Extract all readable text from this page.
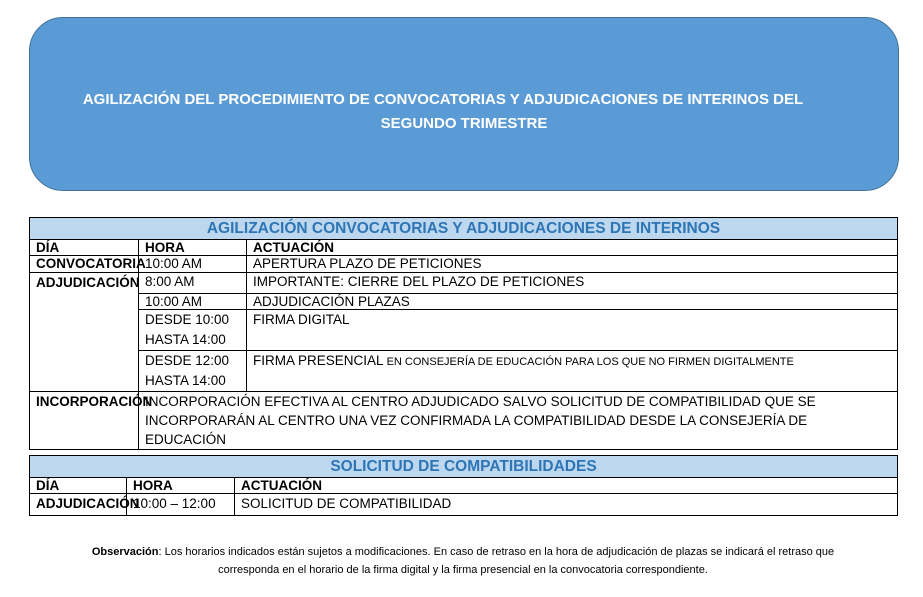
AGILIZACIÓN DEL PROCEDIMIENTO DE CONVOCATORIAS Y ADJUDICACIONES DE INTERINOS DEL
SEGUNDO TRIMESTRE
AGILIZACIÓN CONVOCATORIAS Y ADJUDICACIONES DE INTERINOS		
DÍA	HORA	ACTUACIÓN
CONVOCATORIA	10:00 AM	APERTURA PLAZO DE PETICIONES
ADJUDICACIÓN	8:00 AM	IMPORTANTE: CIERRE DEL PLAZO DE PETICIONES
	10:00 AM	ADJUDICACIÓN PLAZAS
	DESDE 10:00
HASTA 14:00	FIRMA DIGITAL
	DESDE 12:00
HASTA 14:00	FIRMA PRESENCIAL EN CONSEJERÍA DE EDUCACIÓN PARA LOS QUE NO FIRMEN DIGITALMENTE
INCORPORACIÓN	INCORPORACIÓN EFECTIVA AL CENTRO ADJUDICADO SALVO SOLICITUD DE COMPATIBILIDAD QUE SE
INCORPORARÁN AL CENTRO UNA VEZ CONFIRMADA LA COMPATIBILIDAD DESDE LA CONSEJERÍA DE EDUCACIÓN	
SOLICITUD DE COMPATIBILIDADES		
DÍA	HORA	ACTUACIÓN
ADJUDICACIÓN	10:00 – 12:00	SOLICITUD DE COMPATIBILIDAD
Observación: Los horarios indicados están sujetos a modificaciones. En caso de retraso en la hora de adjudicación de plazas se indicará el retraso que
corresponda en el horario de la firma digital y la firma presencial en la convocatoria correspondiente.
